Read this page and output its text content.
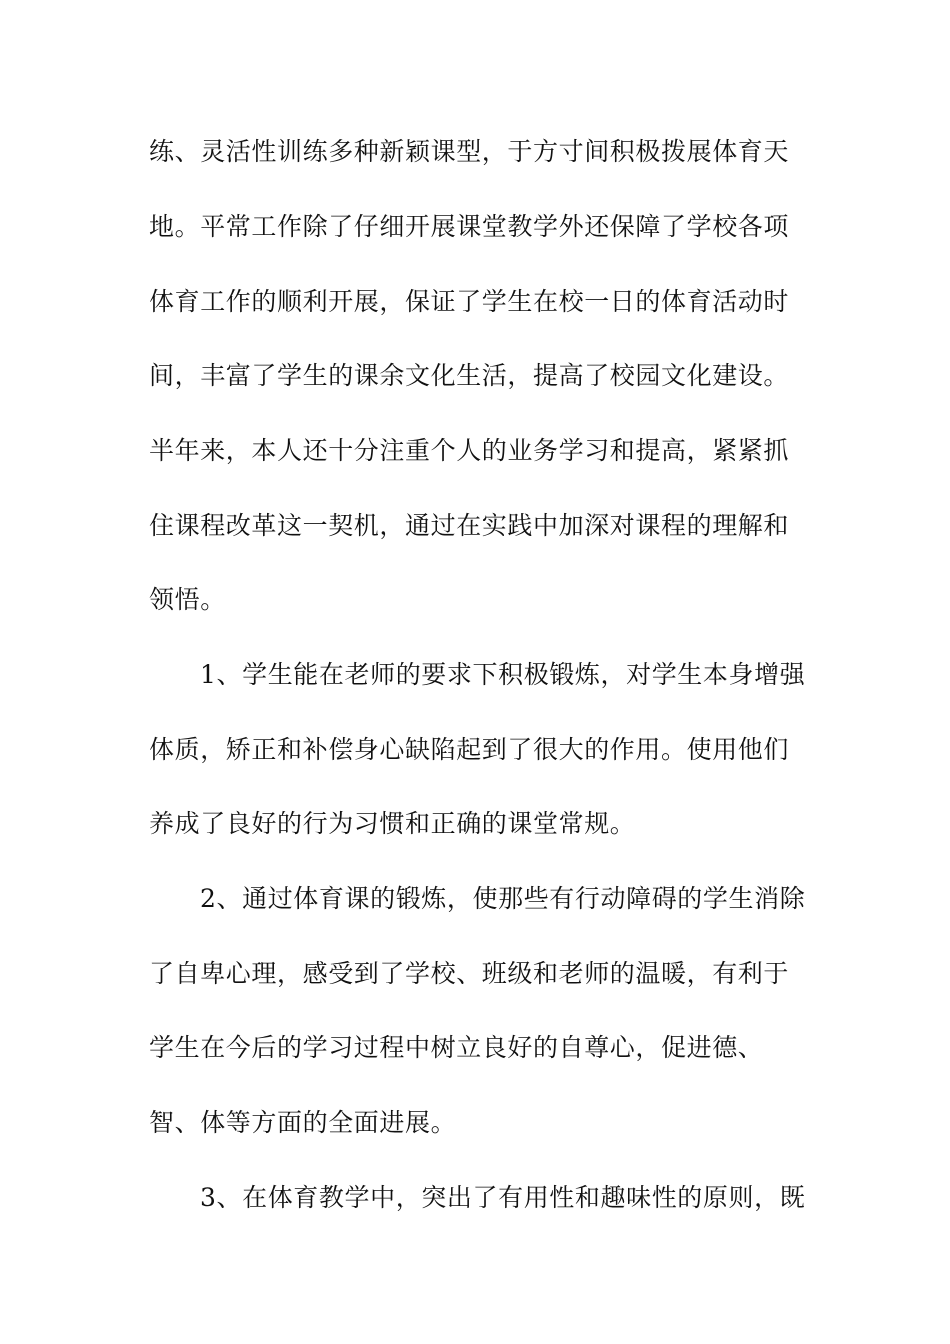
练、灵活性训练多种新颖课型，于方寸间积极拨展体育天
地。平常工作除了仔细开展课堂教学外还保障了学校各项
体育工作的顺利开展，保证了学生在校一日的体育活动时
间，丰富了学生的课余文化生活，提高了校园文化建设。
半年来，本人还十分注重个人的业务学习和提高，紧紧抓
住课程改革这一契机，通过在实践中加深对课程的理解和
领悟。
1、学生能在老师的要求下积极锻炼，对学生本身增强
体质，矫正和补偿身心缺陷起到了很大的作用。使用他们
养成了良好的行为习惯和正确的课堂常规。
2、通过体育课的锻炼，使那些有行动障碍的学生消除
了自卑心理，感受到了学校、班级和老师的温暖，有利于
学生在今后的学习过程中树立良好的自尊心，促进德、
智、体等方面的全面进展。
3、在体育教学中，突出了有用性和趣味性的原则，既
